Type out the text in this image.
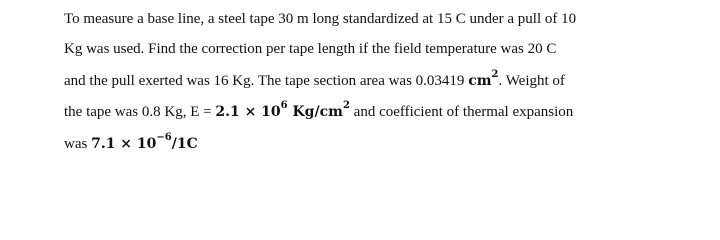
To measure a base line, a steel tape 30 m long standardized at 15 C under a pull of 10
Kg was used. Find the correction per tape length if the field temperature was 20 C
and the pull exerted was 16 Kg. The tape section area was 0.03419 $cm^2$. Weight of
the tape was 0.8 Kg, $E = 2.1 \times 10^6$ $Kg/cm^2$ and coefficient of thermal expansion
was $7.1 \times 10^{-6}/1C$
